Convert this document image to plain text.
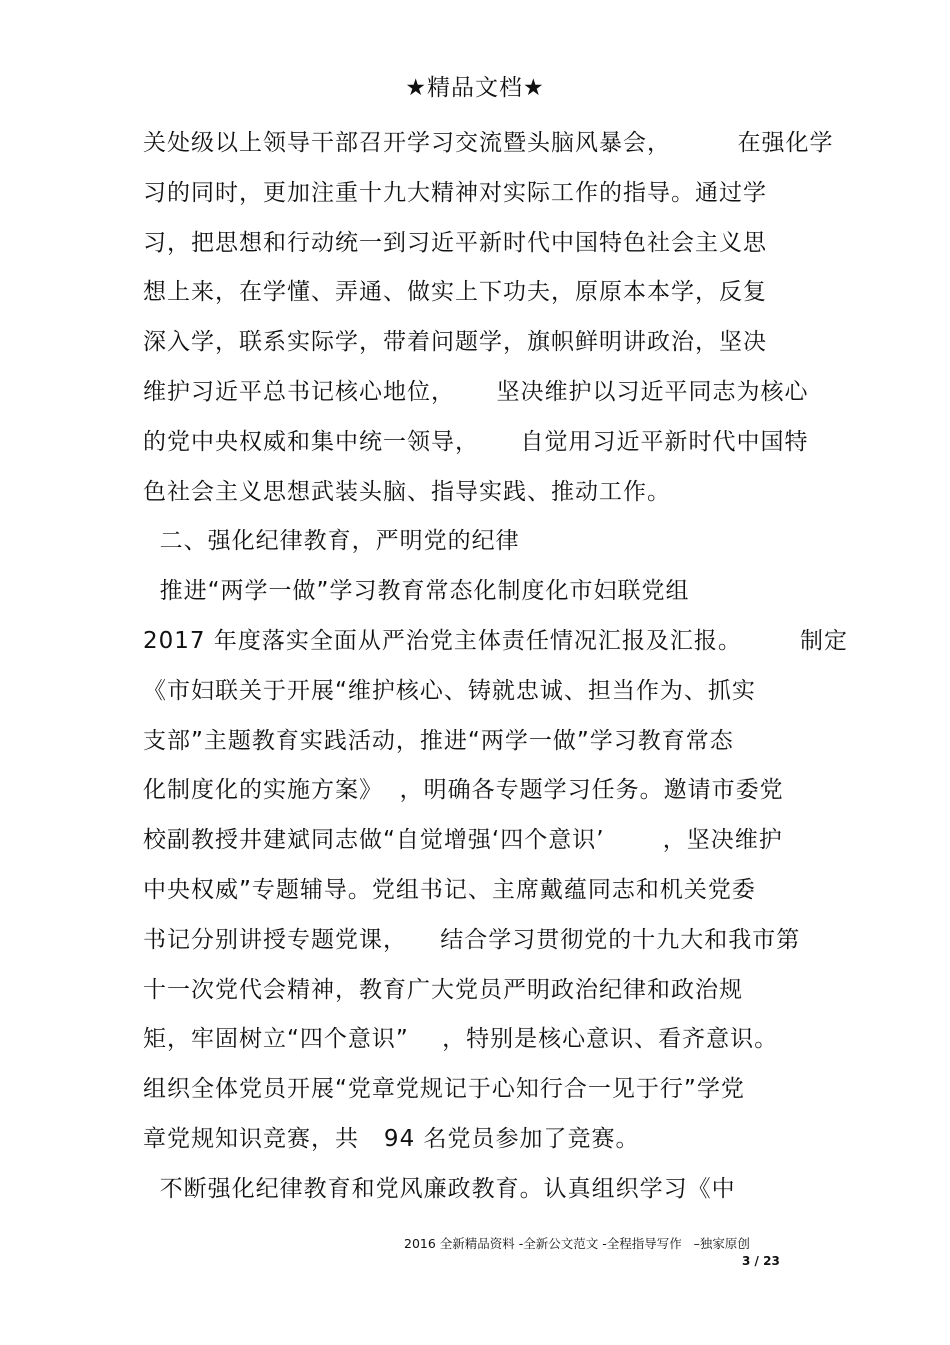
★精品文档★
关处级以上领导干部召开学习交流暨头脑风暴会，        在强化学
习的同时，更加注重十九大精神对实际工作的指导。通过学
习，把思想和行动统一到习近平新时代中国特色社会主义思
想上来，在学懂、弄通、做实上下功夫，原原本本学，反复
深入学，联系实际学，带着问题学，旗帜鲜明讲政治，坚决
维护习近平总书记核心地位，     坚决维护以习近平同志为核心
的党中央权威和集中统一领导，     自觉用习近平新时代中国特
色社会主义思想武装头脑、指导实践、推动工作。
二、强化纪律教育，严明党的纪律
推进“两学一做”学习教育常态化制度化市妇联党组
2017 年度落实全面从严治党主体责任情况汇报及汇报。       制定
《市妇联关于开展“维护核心、铸就忠诚、担当作为、抓实
支部”主题教育实践活动，推进“两学一做”学习教育常态
化制度化的实施方案》  ，明确各专题学习任务。邀请市委党
校副教授井建斌同志做“自觉增强‘四个意识’       ，坚决维护
中央权威”专题辅导。党组书记、主席戴蕴同志和机关党委
书记分别讲授专题党课，    结合学习贯彻党的十九大和我市第
十一次党代会精神，教育广大党员严明政治纪律和政治规
矩，牢固树立“四个意识”    ，特别是核心意识、看齐意识。
组织全体党员开展“党章党规记于心知行合一见于行”学党
章党规知识竞赛，共   94 名党员参加了竞赛。
不断强化纪律教育和党风廉政教育。认真组织学习《中
2016 全新精品资料 -全新公文范文 -全程指导写作   –独家原创
3 / 23
